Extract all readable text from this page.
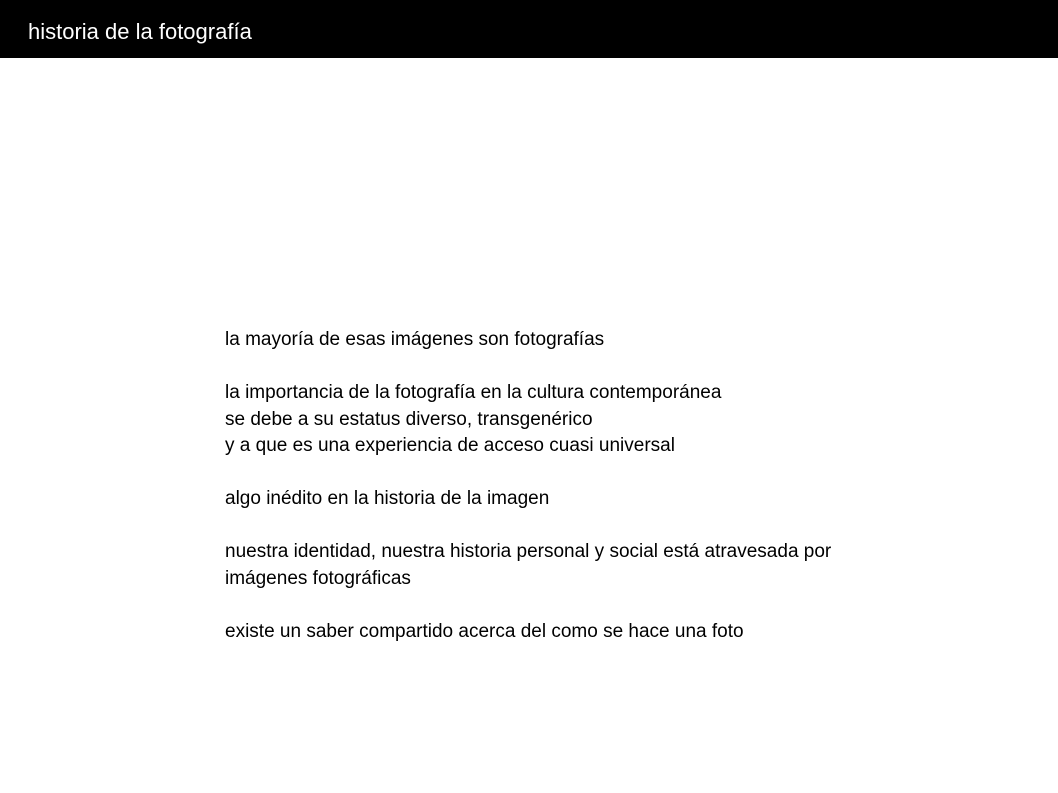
historia de la fotografía

la mayoría de esas imágenes son fotografías

la importancia de la fotografía en la cultura contemporánea
se debe a su estatus diverso, transgenérico
y a que es una experiencia de acceso cuasi universal

algo inédito en la historia de la imagen

nuestra identidad, nuestra historia personal y social está atravesada por
imágenes fotográficas

existe un saber compartido acerca del como se hace una foto
